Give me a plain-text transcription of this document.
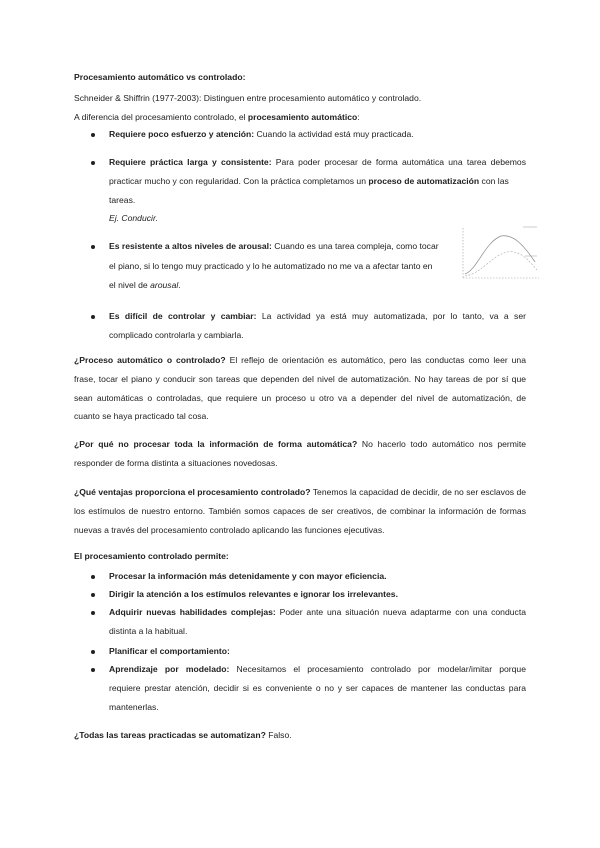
Procesamiento automático vs controlado:
Schneider & Shiffrin (1977-2003): Distinguen entre procesamiento automático y controlado.
A diferencia del procesamiento controlado, el procesamiento automático:
Requiere poco esfuerzo y atención: Cuando la actividad está muy practicada.
Requiere práctica larga y consistente: Para poder procesar de forma automática una tarea debemos
practicar mucho y con regularidad. Con la práctica completamos un proceso de automatización con las
tareas.
Ej. Conducir.
Es resistente a altos niveles de arousal: Cuando es una tarea compleja, como tocar
el piano, si lo tengo muy practicado y lo he automatizado no me va a afectar tanto en
el nivel de arousal.
Es difícil de controlar y cambiar: La actividad ya está muy automatizada, por lo tanto, va a ser
complicado controlarla y cambiarla.
¿Proceso automático o controlado? El reflejo de orientación es automático, pero las conductas como leer una
frase, tocar el piano y conducir son tareas que dependen del nivel de automatización. No hay tareas de por sí que
sean automáticas o controladas, que requiere un proceso u otro va a depender del nivel de automatización, de
cuanto se haya practicado tal cosa.
¿Por qué no procesar toda la información de forma automática? No hacerlo todo automático nos permite
responder de forma distinta a situaciones novedosas.
¿Qué ventajas proporciona el procesamiento controlado? Tenemos la capacidad de decidir, de no ser esclavos de
los estímulos de nuestro entorno. También somos capaces de ser creativos, de combinar la información de formas
nuevas a través del procesamiento controlado aplicando las funciones ejecutivas.
El procesamiento controlado permite:
Procesar la información más detenidamente y con mayor eficiencia.
Dirigir la atención a los estímulos relevantes e ignorar los irrelevantes.
Adquirir nuevas habilidades complejas: Poder ante una situación nueva adaptarme con una conducta
distinta a la habitual.
Planificar el comportamiento:
Aprendizaje por modelado: Necesitamos el procesamiento controlado por modelar/imitar porque
requiere prestar atención, decidir si es conveniente o no y ser capaces de mantener las conductas para
mantenerlas.
¿Todas las tareas practicadas se automatizan? Falso.
